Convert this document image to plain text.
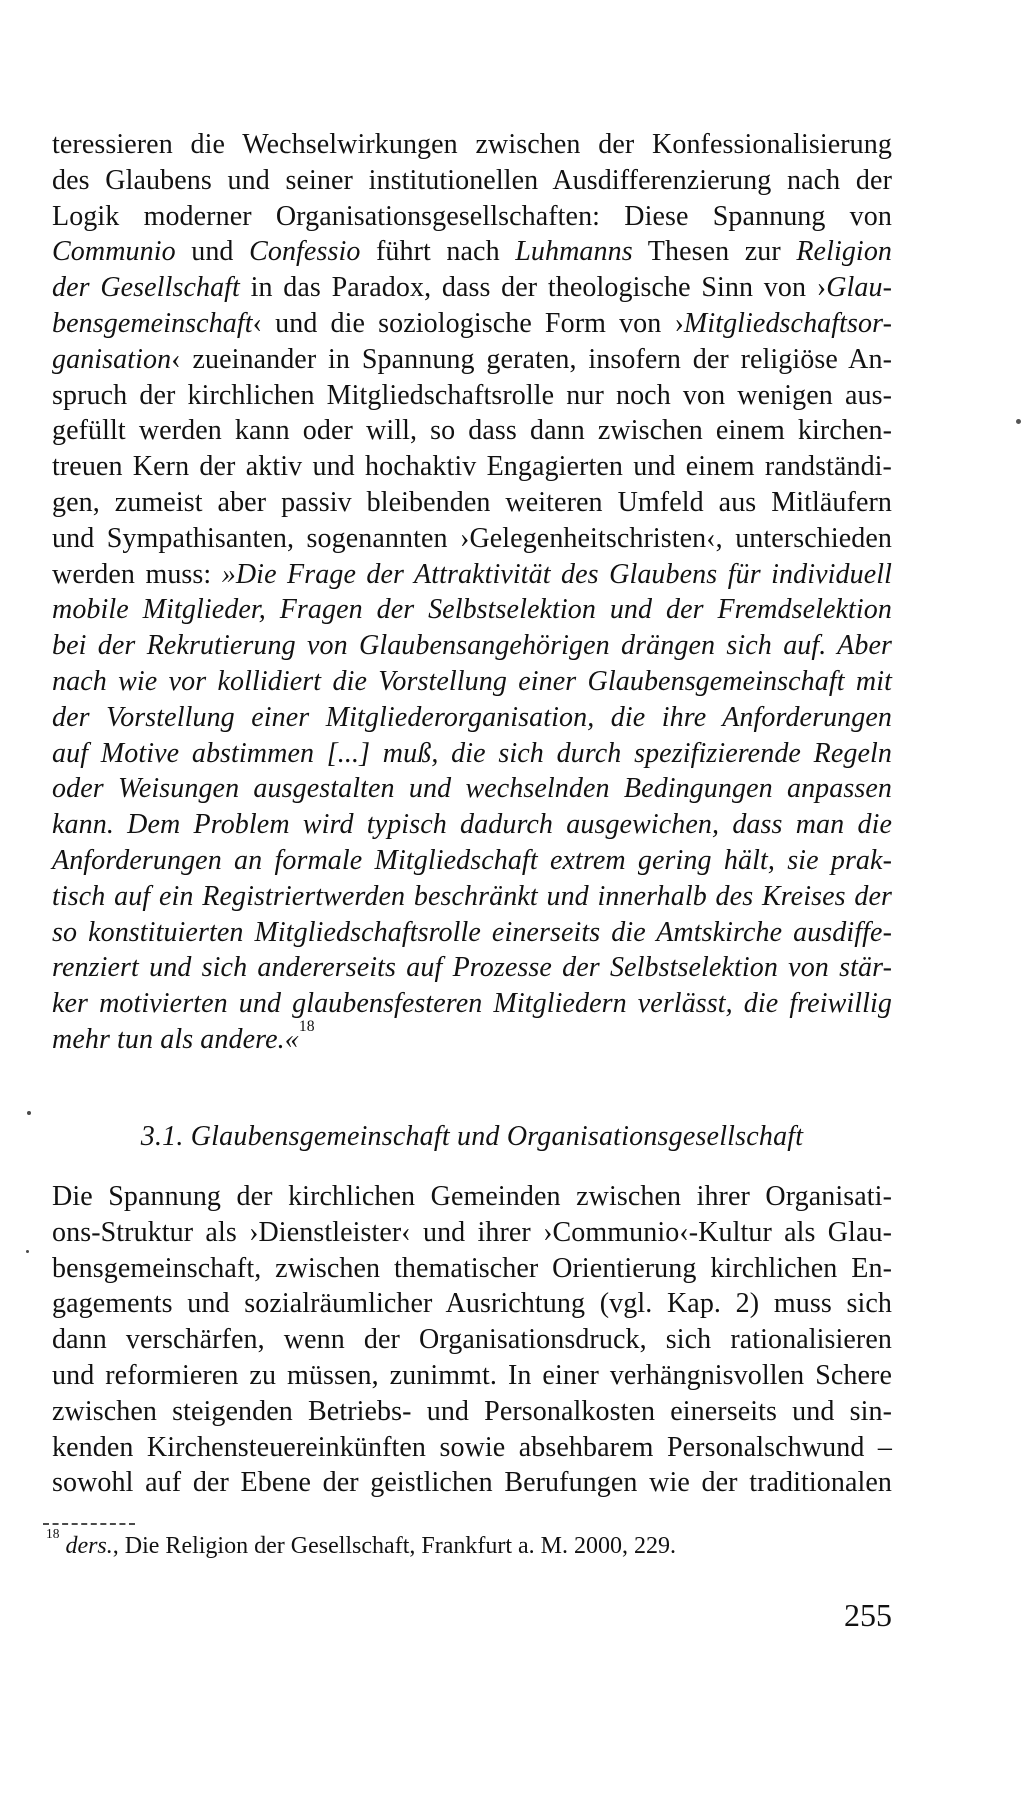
teressieren die Wechselwirkungen zwischen der Konfessionalisierung
des Glaubens und seiner institutionellen Ausdifferenzierung nach der
Logik moderner Organisationsgesellschaften: Diese Spannung von
Communio und Confessio führt nach Luhmanns Thesen zur Religion
der Gesellschaft in das Paradox, dass der theologische Sinn von ›Glau-
bensgemeinschaft‹ und die soziologische Form von ›Mitgliedschaftsor-
ganisation‹ zueinander in Spannung geraten, insofern der religiöse An-
spruch der kirchlichen Mitgliedschaftsrolle nur noch von wenigen aus-
gefüllt werden kann oder will, so dass dann zwischen einem kirchen-
treuen Kern der aktiv und hochaktiv Engagierten und einem randständi-
gen, zumeist aber passiv bleibenden weiteren Umfeld aus Mitläufern
und Sympathisanten, sogenannten ›Gelegenheitschristen‹, unterschieden
werden muss: »Die Frage der Attraktivität des Glaubens für individuell
mobile Mitglieder, Fragen der Selbstselektion und der Fremdselektion
bei der Rekrutierung von Glaubensangehörigen drängen sich auf. Aber
nach wie vor kollidiert die Vorstellung einer Glaubensgemeinschaft mit
der Vorstellung einer Mitgliederorganisation, die ihre Anforderungen
auf Motive abstimmen [...] muß, die sich durch spezifizierende Regeln
oder Weisungen ausgestalten und wechselnden Bedingungen anpassen
kann. Dem Problem wird typisch dadurch ausgewichen, dass man die
Anforderungen an formale Mitgliedschaft extrem gering hält, sie prak-
tisch auf ein Registriertwerden beschränkt und innerhalb des Kreises der
so konstituierten Mitgliedschaftsrolle einerseits die Amtskirche ausdiffe-
renziert und sich andererseits auf Prozesse der Selbstselektion von stär-
ker motivierten und glaubensfesteren Mitgliedern verlässt, die freiwillig
mehr tun als andere.«$^{18}$
3.1. Glaubensgemeinschaft und Organisationsgesellschaft
Die Spannung der kirchlichen Gemeinden zwischen ihrer Organisati-
ons-Struktur als ›Dienstleister‹ und ihrer ›Communio‹-Kultur als Glau-
bensgemeinschaft, zwischen thematischer Orientierung kirchlichen En-
gagements und sozialräumlicher Ausrichtung (vgl. Kap. 2) muss sich
dann verschärfen, wenn der Organisationsdruck, sich rationalisieren
und reformieren zu müssen, zunimmt. In einer verhängnisvollen Schere
zwischen steigenden Betriebs- und Personalkosten einerseits und sin-
kenden Kirchensteuereinkünften sowie absehbarem Personalschwund –
sowohl auf der Ebene der geistlichen Berufungen wie der traditionalen
$^{18}$ ders., Die Religion der Gesellschaft, Frankfurt a. M. 2000, 229.
255
